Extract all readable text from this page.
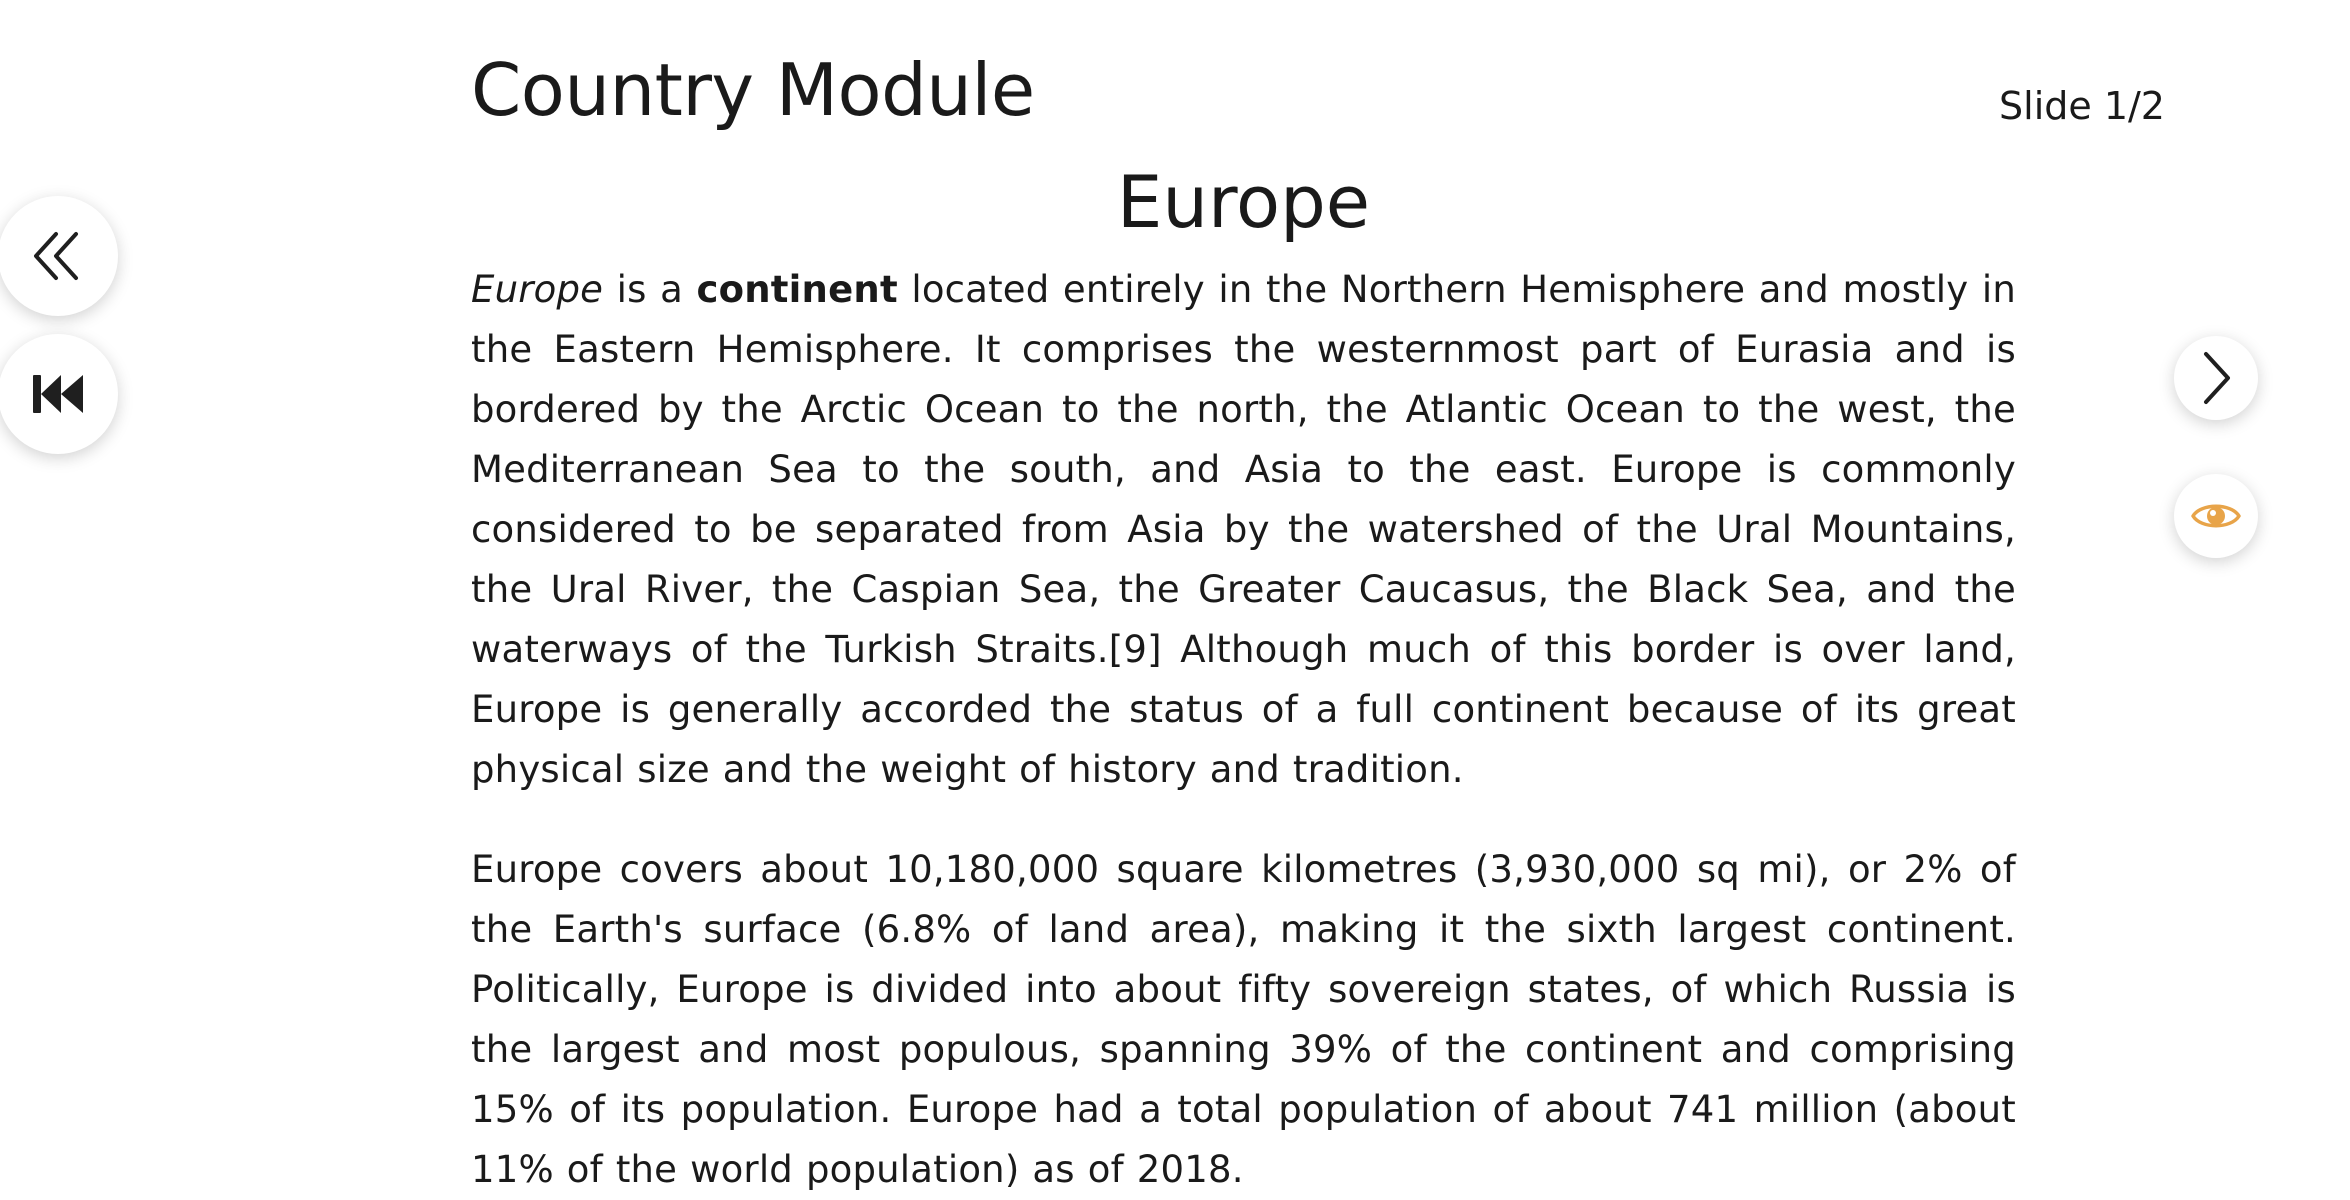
Country Module	Slide 1/2
Europe

Europe is a continent located entirely in the Northern Hemisphere and mostly in the Eastern Hemisphere. It comprises the westernmost part of Eurasia and is bordered by the Arctic Ocean to the north, the Atlantic Ocean to the west, the Mediterranean Sea to the south, and Asia to the east. Europe is commonly considered to be separated from Asia by the watershed of the Ural Mountains, the Ural River, the Caspian Sea, the Greater Caucasus, the Black Sea, and the waterways of the Turkish Straits.[9] Although much of this border is over land, Europe is generally accorded the status of a full continent because of its great physical size and the weight of history and tradition.

Europe covers about 10,180,000 square kilometres (3,930,000 sq mi), or 2% of the Earth's surface (6.8% of land area), making it the sixth largest continent. Politically, Europe is divided into about fifty sovereign states, of which Russia is the largest and most populous, spanning 39% of the continent and comprising 15% of its population. Europe had a total population of about 741 million (about 11% of the world population) as of 2018.
